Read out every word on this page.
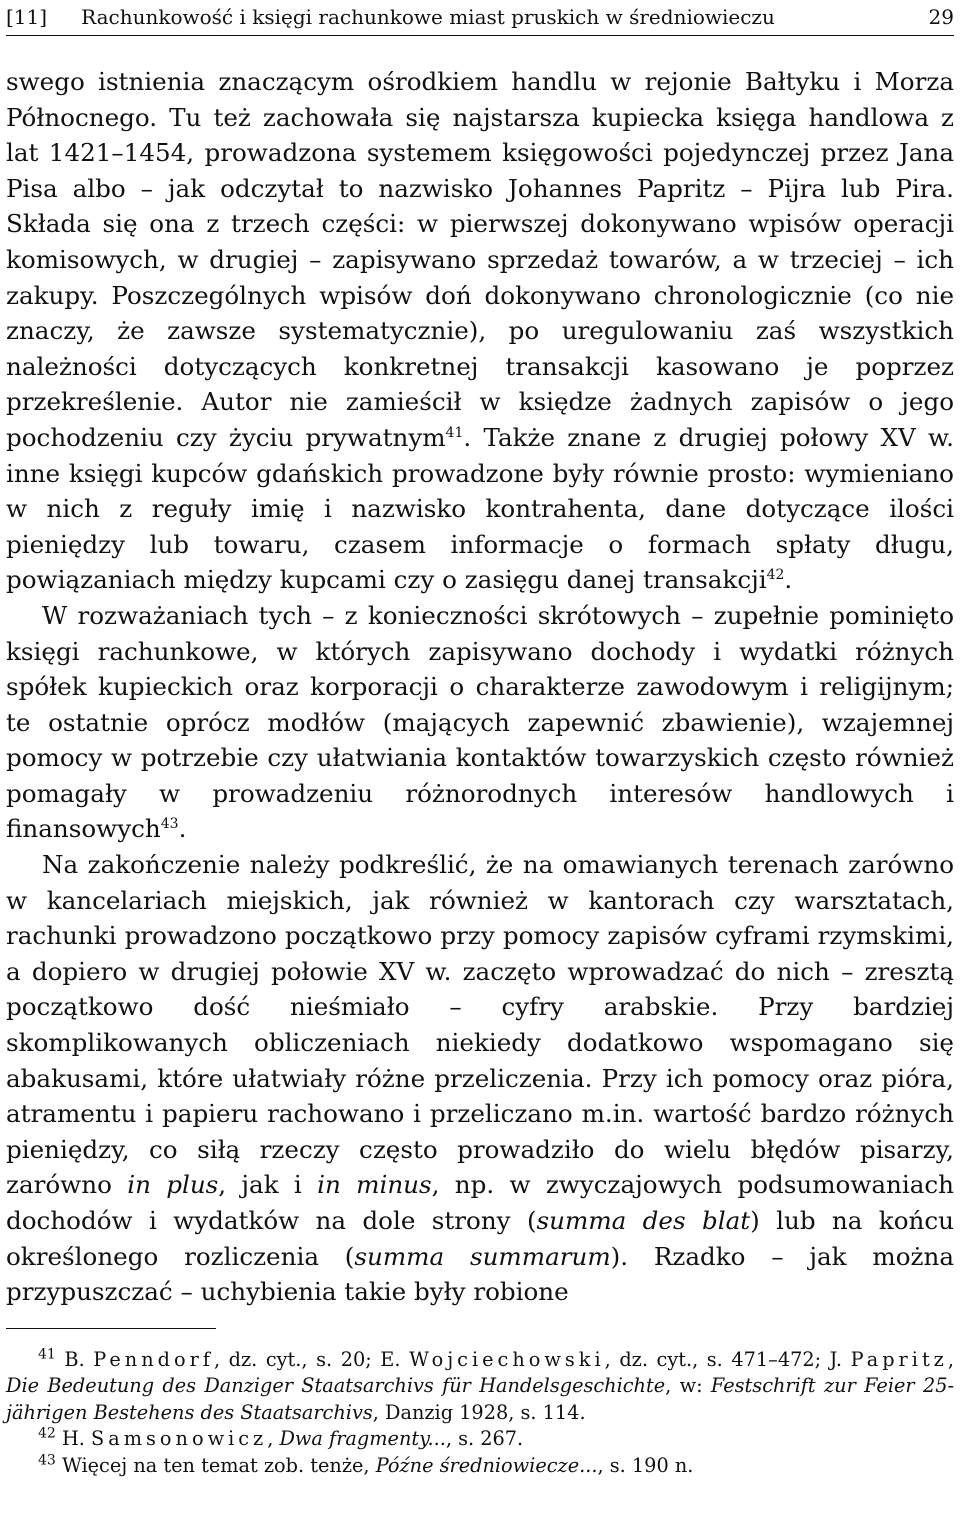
[11]	Rachunkowość i księgi rachunkowe miast pruskich w średniowieczu	29

swego istnienia znaczącym ośrodkiem handlu w rejonie Bałtyku i Morza Północnego. Tu też zachowała się najstarsza kupiecka księga handlowa z lat 1421–1454, prowadzona systemem księgowości pojedynczej przez Jana Pisa albo – jak odczytał to nazwisko Johannes Papritz – Pijra lub Pira. Składa się ona z trzech części: w pierwszej dokonywano wpisów operacji komisowych, w drugiej – zapisywano sprzedaż towarów, a w trzeciej – ich zakupy. Poszczególnych wpisów doń dokonywano chronologicznie (co nie znaczy, że zawsze systematycznie), po uregulowaniu zaś wszystkich należności dotyczących konkretnej transakcji kasowano je poprzez przekreślenie. Autor nie zamieścił w księdze żadnych zapisów o jego pochodzeniu czy życiu prywatnym$^{41}$. Także znane z drugiej połowy XV w. inne księgi kupców gdańskich prowadzone były równie prosto: wymieniano w nich z reguły imię i nazwisko kontrahenta, dane dotyczące ilości pieniędzy lub towaru, czasem informacje o formach spłaty długu, powiązaniach między kupcami czy o zasięgu danej transakcji$^{42}$.

W rozważaniach tych – z konieczności skrótowych – zupełnie pominięto księgi rachunkowe, w których zapisywano dochody i wydatki różnych spółek kupieckich oraz korporacji o charakterze zawodowym i religijnym; te ostatnie oprócz modłów (mających zapewnić zbawienie), wzajemnej pomocy w potrzebie czy ułatwiania kontaktów towarzyskich często również pomagały w prowadzeniu różnorodnych interesów handlowych i finansowych$^{43}$.

Na zakończenie należy podkreślić, że na omawianych terenach zarówno w kancelariach miejskich, jak również w kantorach czy warsztatach, rachunki prowadzono początkowo przy pomocy zapisów cyframi rzymskimi, a dopiero w drugiej połowie XV w. zaczęto wprowadzać do nich – zresztą początkowo dość nieśmiało – cyfry arabskie. Przy bardziej skomplikowanych obliczeniach niekiedy dodatkowo wspomagano się abakusami, które ułatwiały różne przeliczenia. Przy ich pomocy oraz pióra, atramentu i papieru rachowano i przeliczano m.in. wartość bardzo różnych pieniędzy, co siłą rzeczy często prowadziło do wielu błędów pisarzy, zarówno in plus, jak i in minus, np. w zwyczajowych podsumowaniach dochodów i wydatków na dole strony (summa des blat) lub na końcu określonego rozliczenia (summa summarum). Rzadko – jak można przypuszczać – uchybienia takie były robione

$^{41}$ B. Penndorf, dz. cyt., s. 20; E. Wojciechowski, dz. cyt., s. 471–472; J. Papritz, Die Bedeutung des Danziger Staatsarchivs für Handelsgeschichte, w: Festschrift zur Feier 25-jährigen Bestehens des Staatsarchivs, Danzig 1928, s. 114.

$^{42}$ H. Samsonowicz, Dwa fragmenty..., s. 267.

$^{43}$ Więcej na ten temat zob. tenże, Późne średniowiecze..., s. 190 n.
